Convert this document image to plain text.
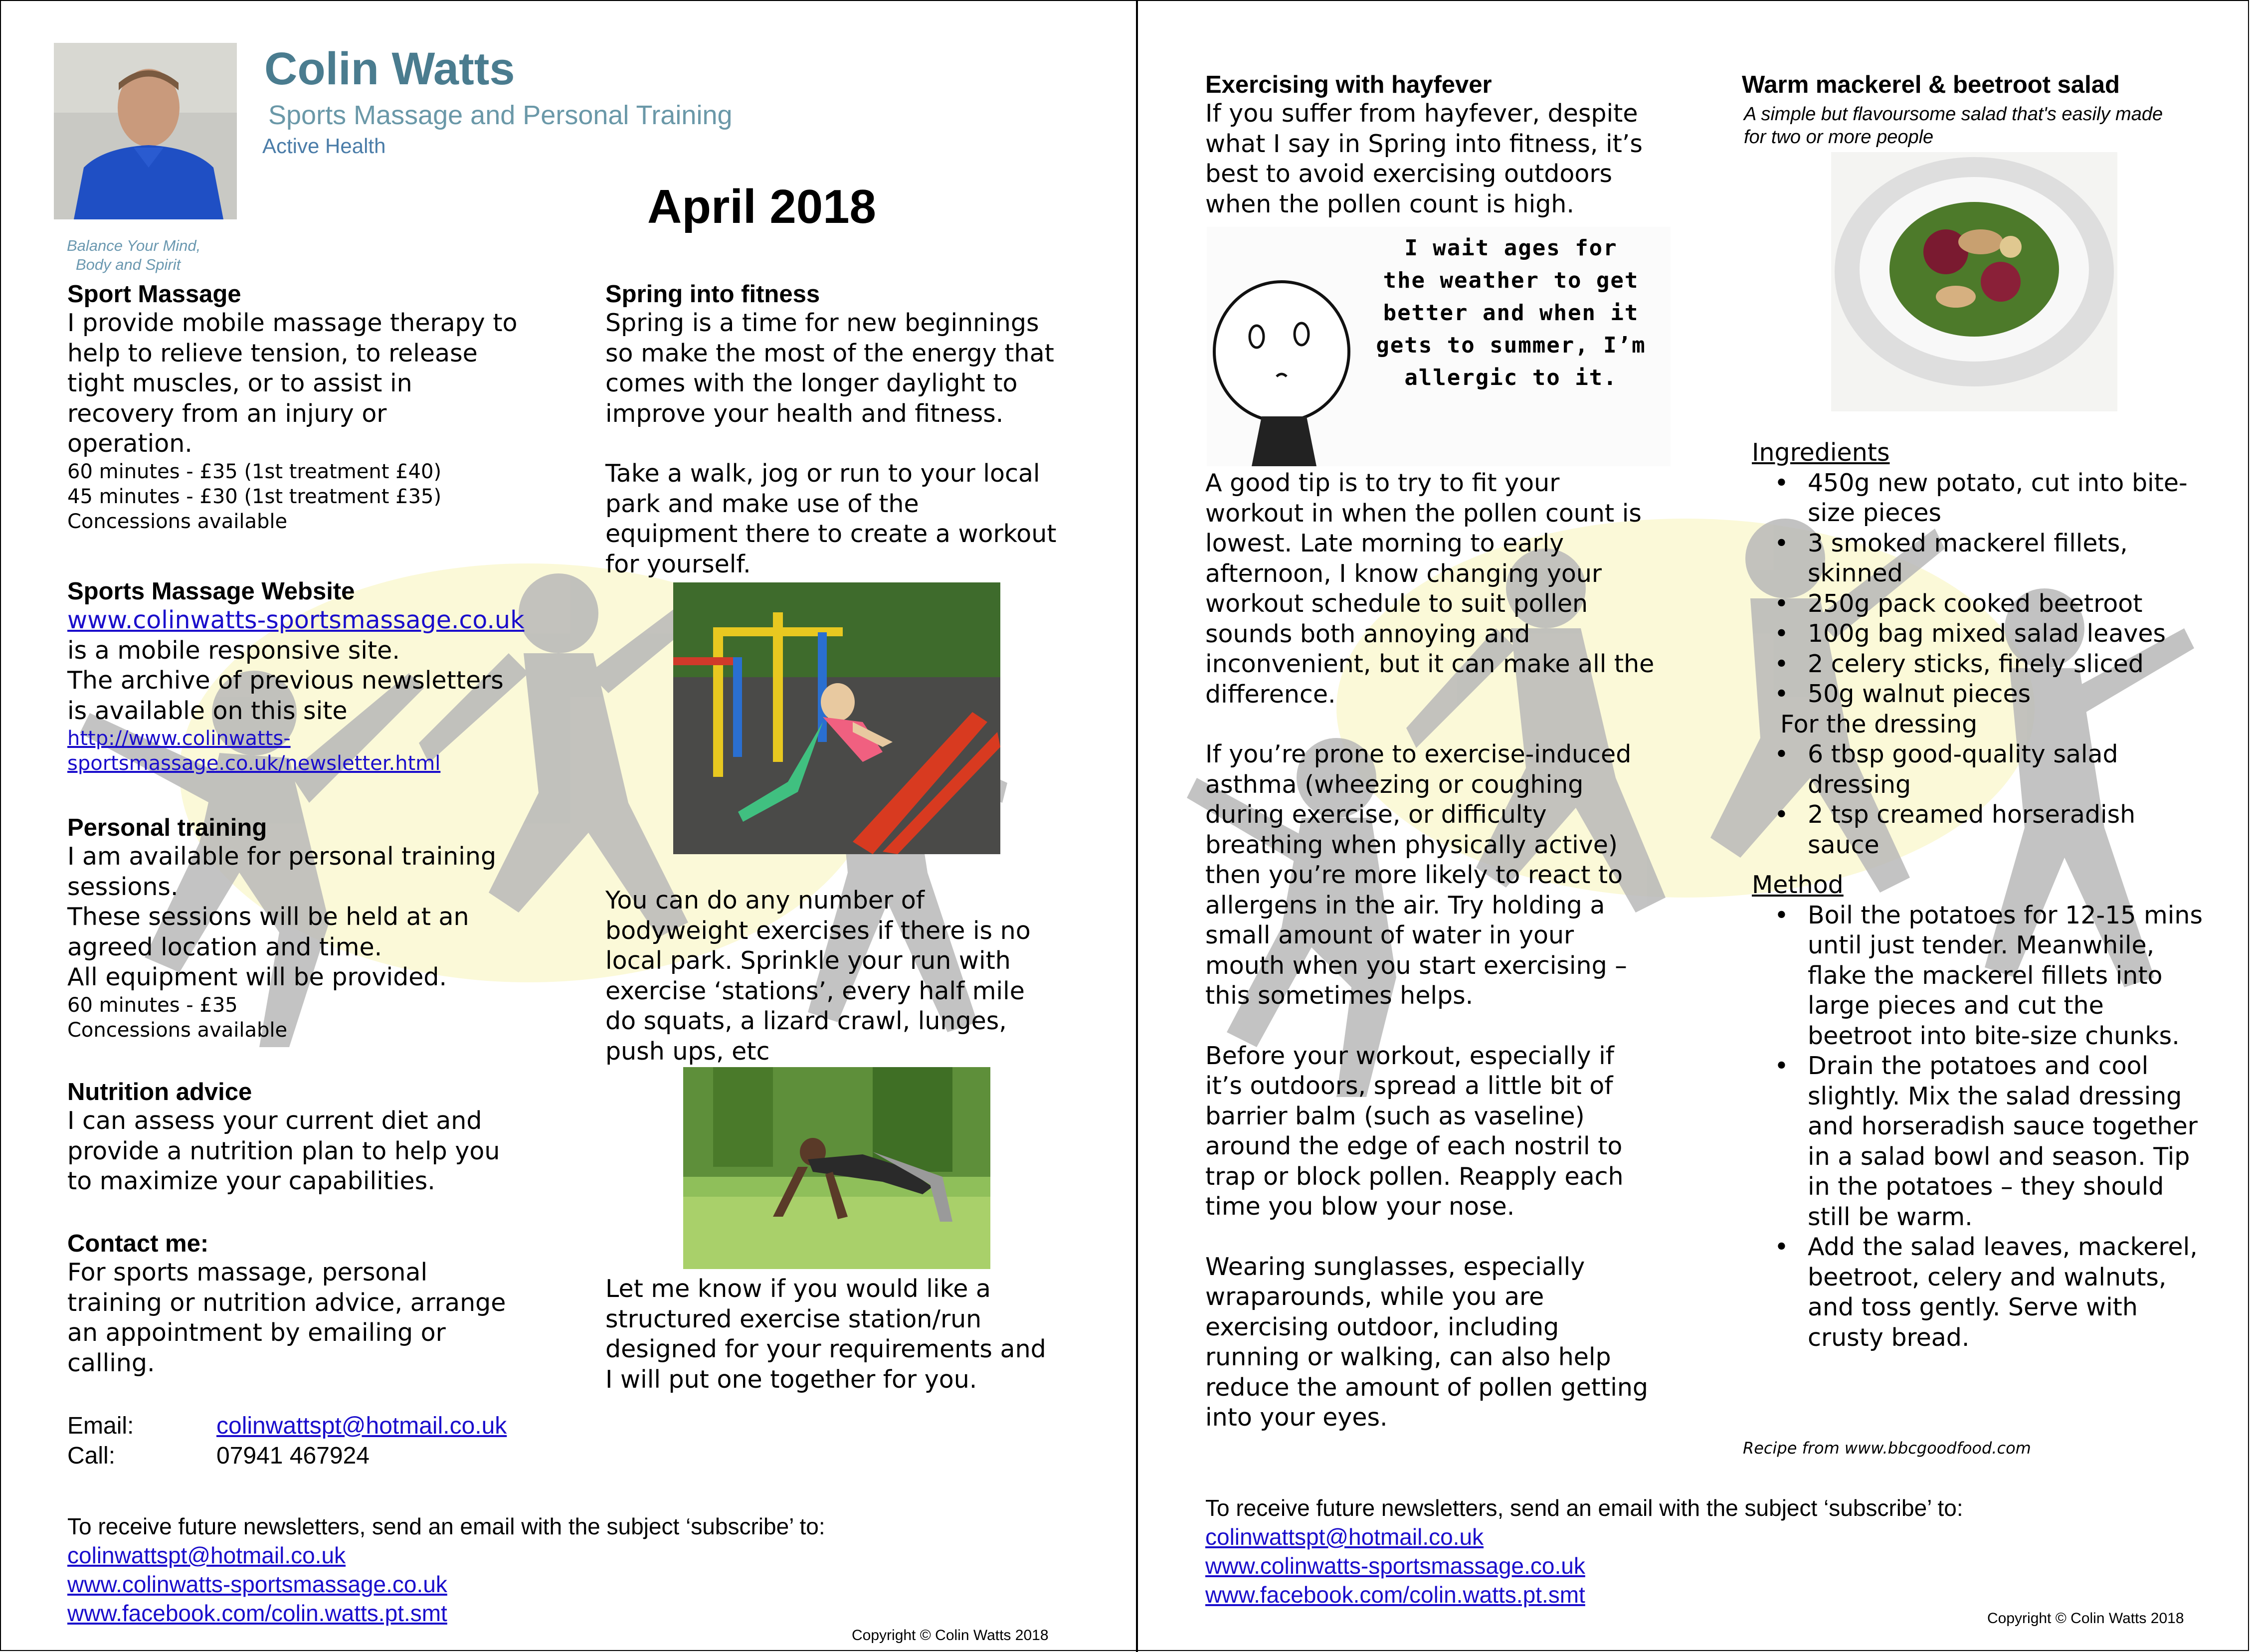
Colin Watts
Sports Massage and Personal Training
Active Health
Balance Your Mind,
Body and Spirit
April 2018
Sport Massage
I provide mobile massage therapy to
help to relieve tension, to release
tight muscles, or to assist in
recovery from an injury or
operation.
60 minutes - £35 (1st treatment £40)
45 minutes - £30 (1st treatment £35)
Concessions available
Sports Massage Website
www.colinwatts-sportsmassage.co.uk
is a mobile responsive site.
The archive of previous newsletters
is available on this site
http://www.colinwatts-
sportsmassage.co.uk/newsletter.html
Personal training
I am available for personal training
sessions.
These sessions will be held at an
agreed location and time.
All equipment will be provided.
60 minutes - £35
Concessions available
Nutrition advice
I can assess your current diet and
provide a nutrition plan to help you
to maximize your capabilities.
Contact me:
For sports massage, personal
training or nutrition advice, arrange
an appointment by emailing or
calling.
Email:	colinwattspt@hotmail.co.uk
Call:	07941 467924
Spring into fitness
Spring is a time for new beginnings
so make the most of the energy that
comes with the longer daylight to
improve your health and fitness.
Take a walk, jog or run to your local
park and make use of the
equipment there to create a workout
for yourself.
You can do any number of
bodyweight exercises if there is no
local park. Sprinkle your run with
exercise ‘stations’, every half mile
do squats, a lizard crawl, lunges,
push ups, etc
Let me know if you would like a
structured exercise station/run
designed for your requirements and
I will put one together for you.
To receive future newsletters, send an email with the subject ‘subscribe’ to:
colinwattspt@hotmail.co.uk
www.colinwatts-sportsmassage.co.uk
www.facebook.com/colin.watts.pt.smt
Copyright © Colin Watts 2018
Exercising with hayfever
If you suffer from hayfever, despite
what I say in Spring into fitness, it’s
best to avoid exercising outdoors
when the pollen count is high.
I wait ages for
the weather to get
better and when it
gets to summer, I’m
allergic to it.
A good tip is to try to fit your
workout in when the pollen count is
lowest. Late morning to early
afternoon, I know changing your
workout schedule to suit pollen
sounds both annoying and
inconvenient, but it can make all the
difference.
If you’re prone to exercise-induced
asthma (wheezing or coughing
during exercise, or difficulty
breathing when physically active)
then you’re more likely to react to
allergens in the air. Try holding a
small amount of water in your
mouth when you start exercising –
this sometimes helps.
Before your workout, especially if
it’s outdoors, spread a little bit of
barrier balm (such as vaseline)
around the edge of each nostril to
trap or block pollen. Reapply each
time you blow your nose.
Wearing sunglasses, especially
wraparounds, while you are
exercising outdoor, including
running or walking, can also help
reduce the amount of pollen getting
into your eyes.
Warm mackerel & beetroot salad
A simple but flavoursome salad that's easily made
for two or more people
Ingredients
• 450g new potato, cut into bite-size pieces
• 3 smoked mackerel fillets, skinned
• 250g pack cooked beetroot
• 100g bag mixed salad leaves
• 2 celery sticks, finely sliced
• 50g walnut pieces
For the dressing
• 6 tbsp good-quality salad dressing
• 2 tsp creamed horseradish sauce
Method
• Boil the potatoes for 12-15 mins until just tender. Meanwhile, flake the mackerel fillets into large pieces and cut the beetroot into bite-size chunks.
• Drain the potatoes and cool slightly. Mix the salad dressing and horseradish sauce together in a salad bowl and season. Tip in the potatoes – they should still be warm.
• Add the salad leaves, mackerel, beetroot, celery and walnuts, and toss gently. Serve with crusty bread.
Recipe from www.bbcgoodfood.com
To receive future newsletters, send an email with the subject ‘subscribe’ to:
colinwattspt@hotmail.co.uk
www.colinwatts-sportsmassage.co.uk
www.facebook.com/colin.watts.pt.smt
Copyright © Colin Watts 2018
